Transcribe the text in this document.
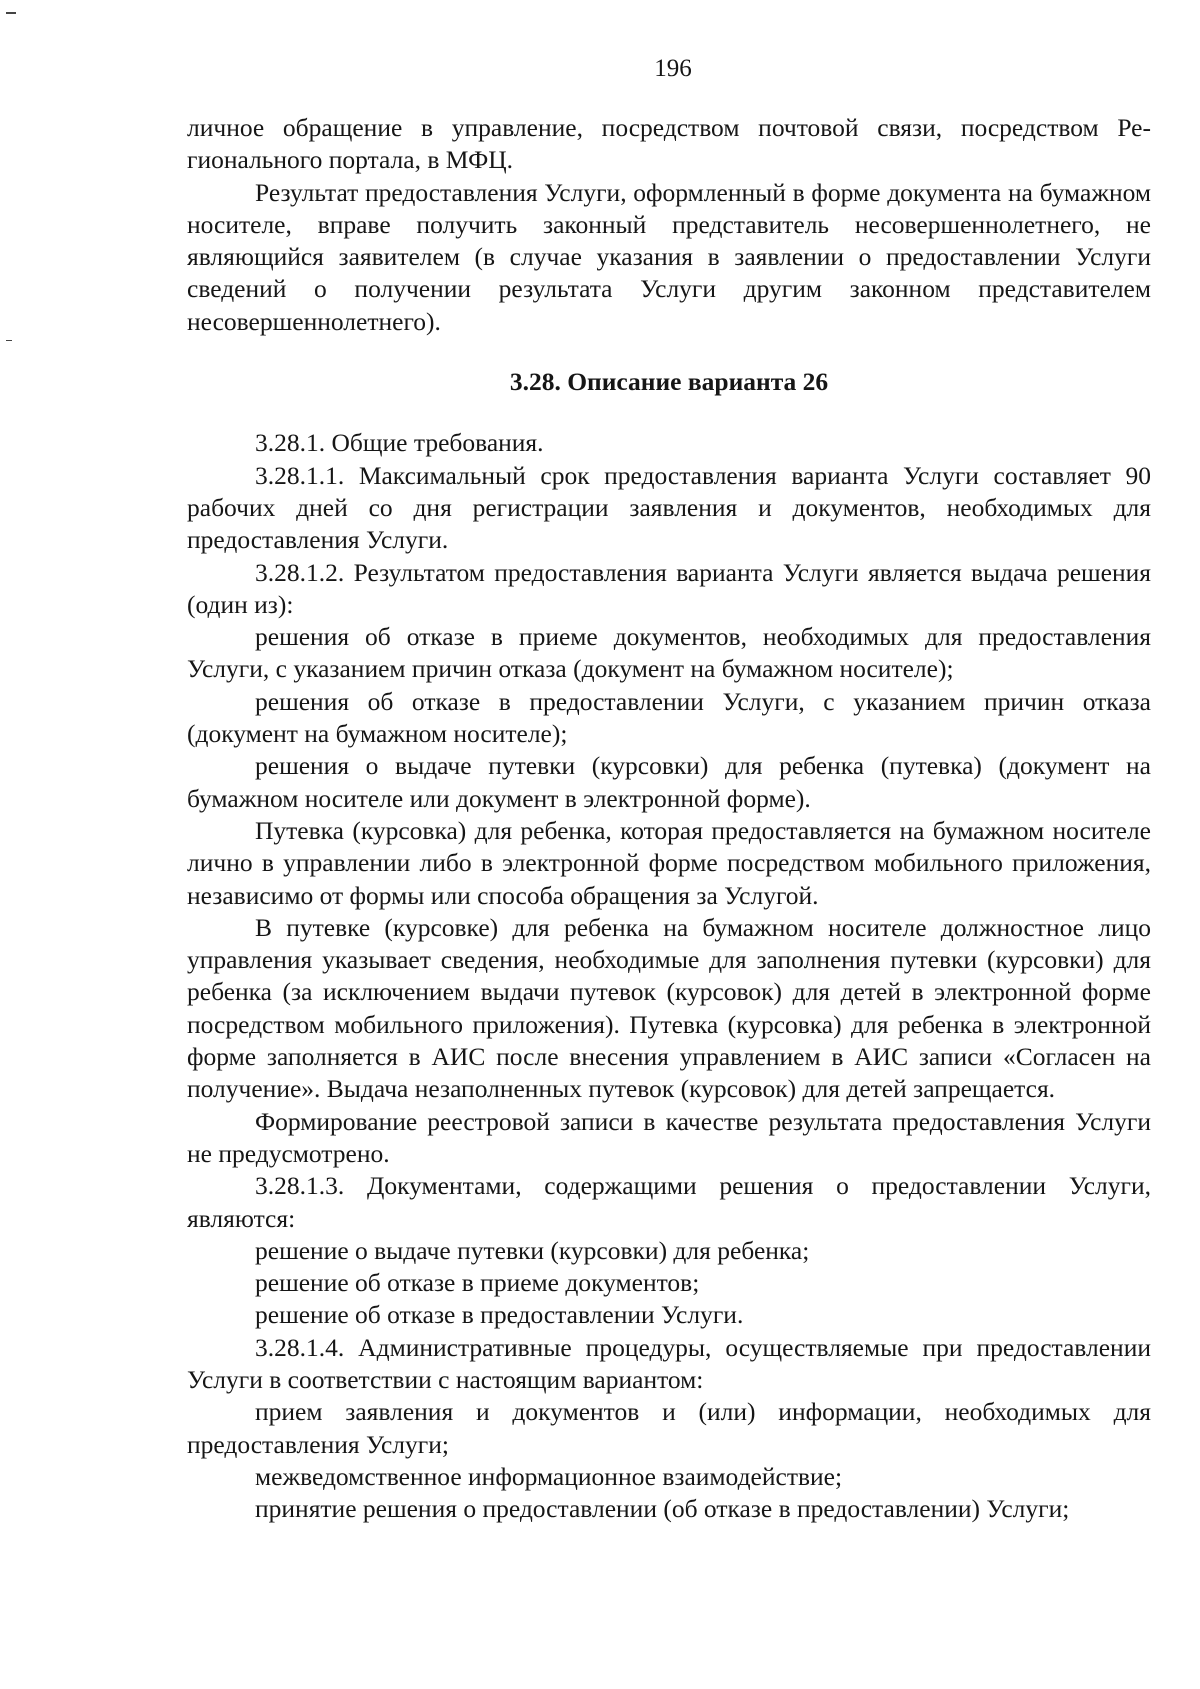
196

личное обращение в управление, посредством почтовой связи, посредством Регионального портала, в МФЦ.

Результат предоставления Услуги, оформленный в форме документа на бумажном носителе, вправе получить законный представитель несовершеннолетнего, не являющийся заявителем (в случае указания в заявлении о предоставлении Услуги сведений о получении результата Услуги другим законном представителем несовершеннолетнего).

3.28. Описание варианта 26

3.28.1. Общие требования.

3.28.1.1. Максимальный срок предоставления варианта Услуги составляет 90 рабочих дней со дня регистрации заявления и документов, необходимых для предоставления Услуги.

3.28.1.2. Результатом предоставления варианта Услуги является выдача решения (один из):

решения об отказе в приеме документов, необходимых для предоставления Услуги, с указанием причин отказа (документ на бумажном носителе);

решения об отказе в предоставлении Услуги, с указанием причин отказа (документ на бумажном носителе);

решения о выдаче путевки (курсовки) для ребенка (путевка) (документ на бумажном носителе или документ в электронной форме).

Путевка (курсовка) для ребенка, которая предоставляется на бумажном носителе лично в управлении либо в электронной форме посредством мобильного приложения, независимо от формы или способа обращения за Услугой.

В путевке (курсовке) для ребенка на бумажном носителе должностное лицо управления указывает сведения, необходимые для заполнения путевки (курсовки) для ребенка (за исключением выдачи путевок (курсовок) для детей в электронной форме посредством мобильного приложения). Путевка (курсовка) для ребенка в электронной форме заполняется в АИС после внесения управлением в АИС записи «Согласен на получение». Выдача незаполненных путевок (курсовок) для детей запрещается.

Формирование реестровой записи в качестве результата предоставления Услуги не предусмотрено.

3.28.1.3. Документами, содержащими решения о предоставлении Услуги, являются:

решение о выдаче путевки (курсовки) для ребенка;

решение об отказе в приеме документов;

решение об отказе в предоставлении Услуги.

3.28.1.4. Административные процедуры, осуществляемые при предоставлении Услуги в соответствии с настоящим вариантом:

прием заявления и документов и (или) информации, необходимых для предоставления Услуги;

межведомственное информационное взаимодействие;

принятие решения о предоставлении (об отказе в предоставлении) Услуги;
